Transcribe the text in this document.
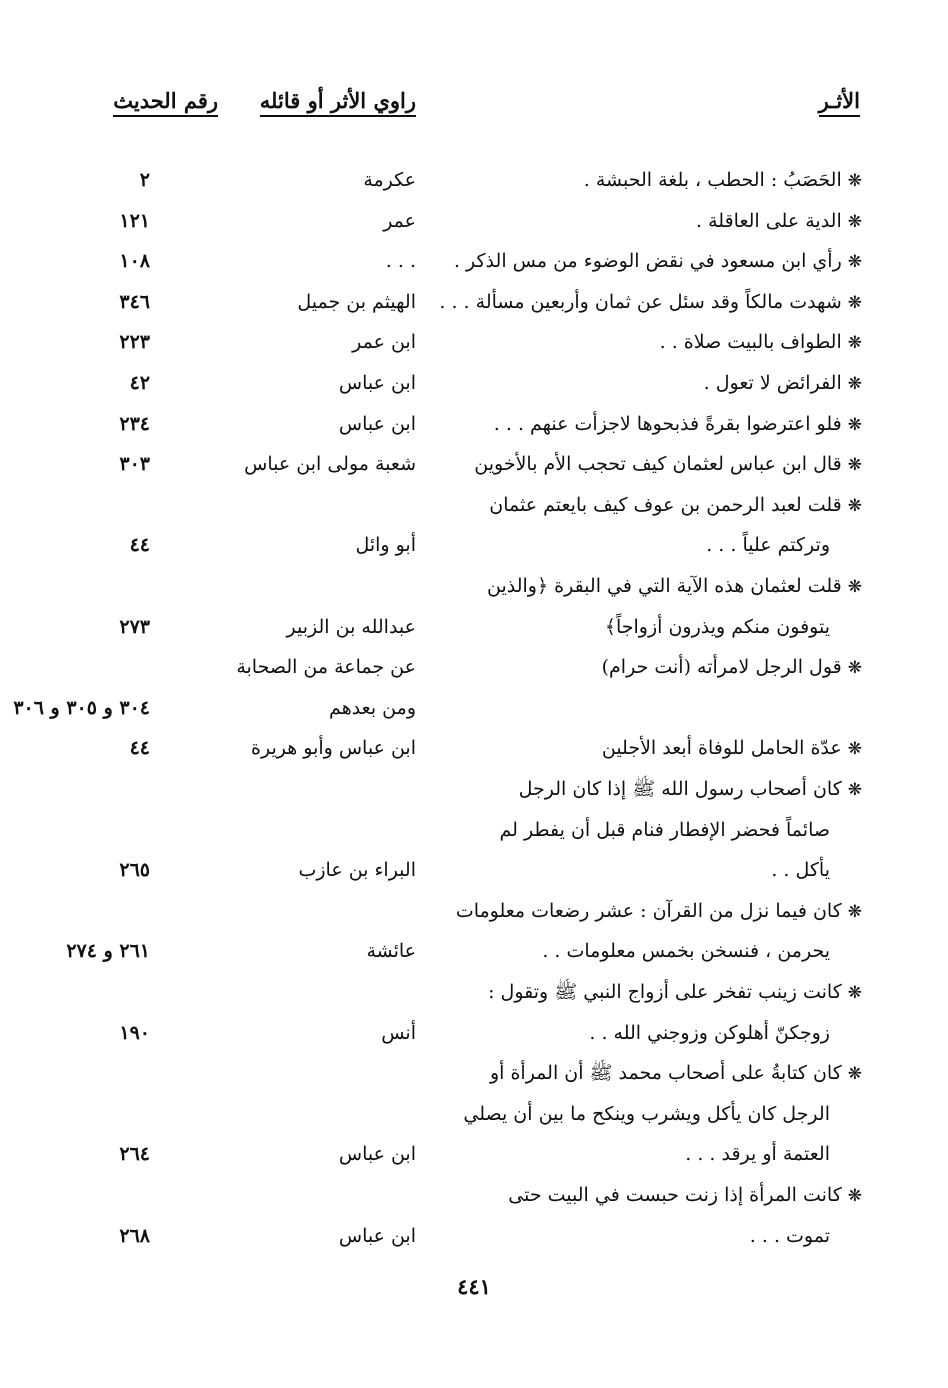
الأثـر
راوي الأثر أو قائله
رقم الحديث
❋الحَصَبُ : الحطب ، بلغة الحبشة .
عكرمة
٢
❋الدية على العاقلة .
عمر
١٢١
❋رأي ابن مسعود في نقض الوضوء من مس الذكر .
. . .
١٠٨
❋شهدت مالكاً وقد سئل عن ثمان وأربعين مسألة . . .
الهيثم بن جميل
٣٤٦
❋الطواف بالبيت صلاة . .
ابن عمر
٢٢٣
❋الفرائض لا تعول .
ابن عباس
٤٢
❋فلو اعترضوا بقرةً فذبحوها لاجزأت عنهم . . .
ابن عباس
٢٣٤
❋قال ابن عباس لعثمان كيف تحجب الأم بالأخوين
شعبة مولى ابن عباس
٣٠٣
❋قلت لعبد الرحمن بن عوف كيف بايعتم عثمان
وتركتم علياً . . .
أبو وائل
٤٤
❋قلت لعثمان هذه الآية التي في البقرة ﴿والذين
يتوفون منكم ويذرون أزواجاً﴾
عبدالله بن الزبير
٢٧٣
❋قول الرجل لامرأته (أنت حرام)
عن جماعة من الصحابة
ومن بعدهم
٣٠٤ و ٣٠٥ و ٣٠٦
❋عدّة الحامل للوفاة أبعد الأجلين
ابن عباس وأبو هريرة
٤٤
❋كان أصحاب رسول الله ﷺ إذا كان الرجل
صائماً فحضر الإفطار فنام قبل أن يفطر لم
يأكل . .
البراء بن عازب
٢٦٥
❋كان فيما نزل من القرآن : عشر رضعات معلومات
يحرمن ، فنسخن بخمس معلومات . .
عائشة
٢٦١ و ٢٧٤
❋كانت زينب تفخر على أزواج النبي ﷺ وتقول :
زوجكنّ أهلوكن وزوجني الله . .
أنس
١٩٠
❋كان كتابةُ على أصحاب محمد ﷺ أن المرأة أو
الرجل كان يأكل ويشرب وينكح ما بين أن يصلي
العتمة أو يرقد . . .
ابن عباس
٢٦٤
❋كانت المرأة إذا زنت حبست في البيت حتى
تموت . . .
ابن عباس
٢٦٨
٤٤١
